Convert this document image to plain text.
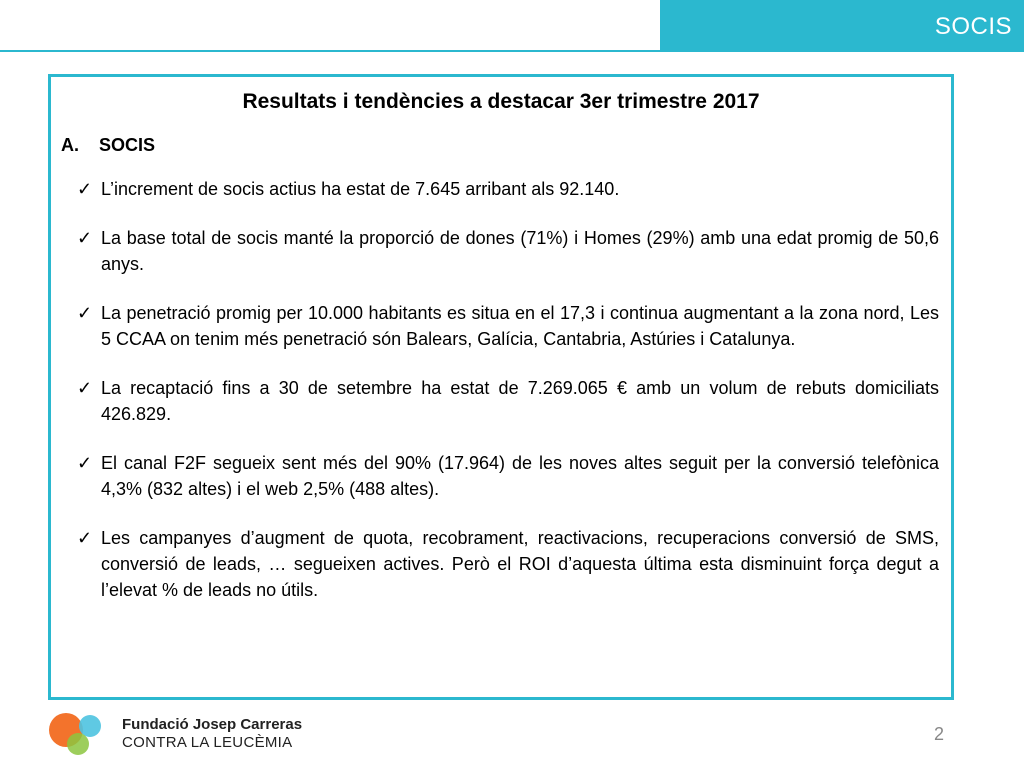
SOCIS
Resultats i tendències a destacar 3er trimestre 2017
A.	SOCIS
✓ L’increment de socis actius ha estat de 7.645 arribant als 92.140.
✓ La base total de socis manté la proporció de dones (71%) i Homes (29%) amb una edat promig de 50,6 anys.
✓ La penetració promig per 10.000 habitants es situa en el 17,3 i continua augmentant a la zona nord, Les 5 CCAA on tenim més penetració són Balears, Galícia, Cantabria, Astúries i Catalunya.
✓ La recaptació fins a 30 de setembre ha estat de 7.269.065 € amb un volum de rebuts domiciliats 426.829.
✓ El canal F2F segueix sent més del 90% (17.964) de les noves altes seguit per la conversió telefònica 4,3% (832 altes) i el web 2,5% (488 altes).
✓ Les campanyes d’augment de quota, recobrament, reactivacions, recuperacions conversió de SMS, conversió de leads, … segueixen actives. Però el ROI d’aquesta última esta disminuint força degut a l’elevat % de leads no útils.
Fundació Josep Carreras
CONTRA LA LEUCÈMIA	2
